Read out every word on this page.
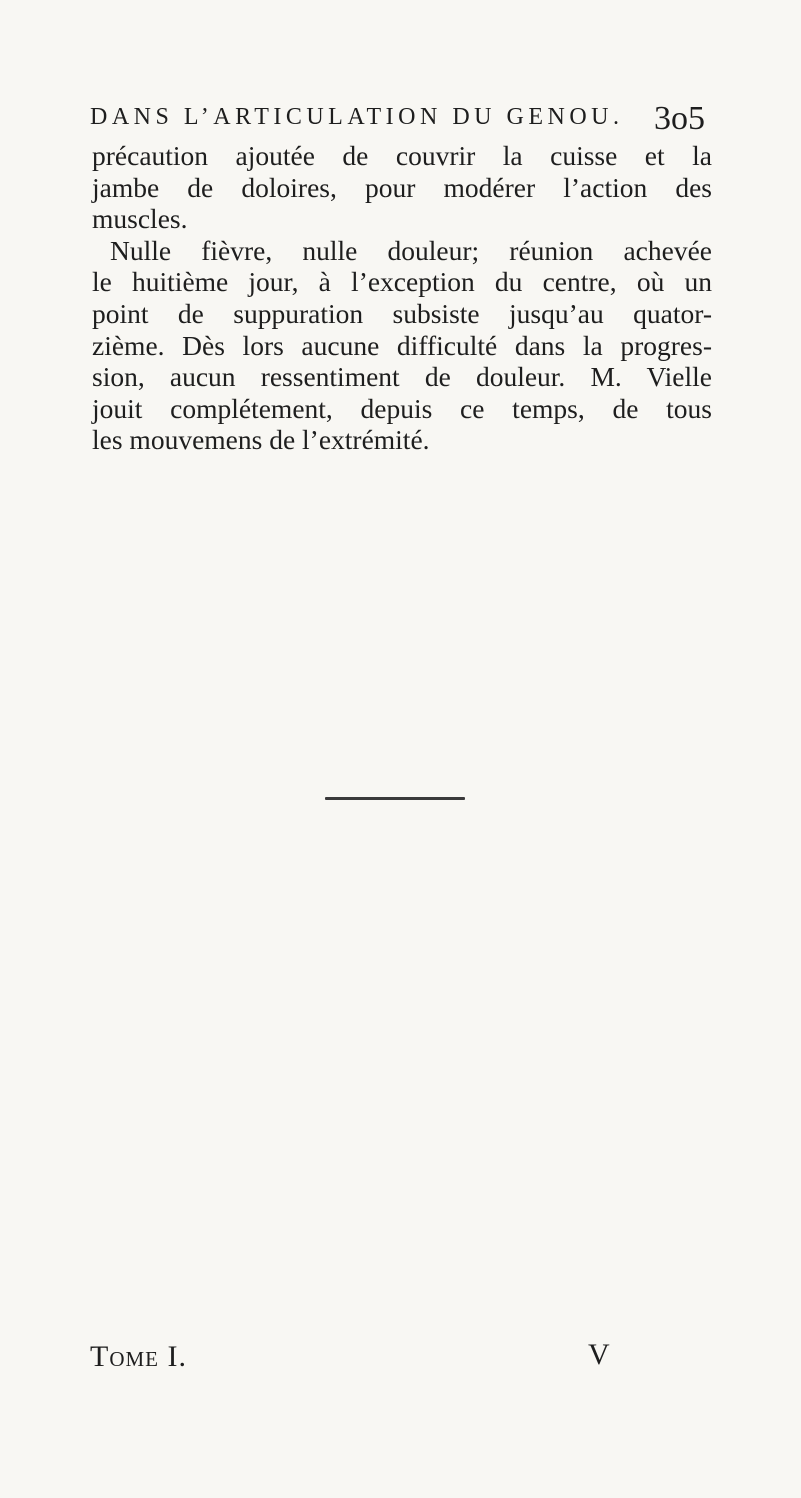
DANS L’ARTICULATION DU GENOU. 3o5
précaution ajoutée de couvrir la cuisse et la
jambe de doloires, pour modérer l’action des
muscles.
Nulle fièvre, nulle douleur; réunion achevée
le huitième jour, à l’exception du centre, où un
point de suppuration subsiste jusqu’au quator-
zième. Dès lors aucune difficulté dans la progres-
sion, aucun ressentiment de douleur. M. Vielle
jouit complétement, depuis ce temps, de tous
les mouvemens de l’extrémité.
Tome I.	V
